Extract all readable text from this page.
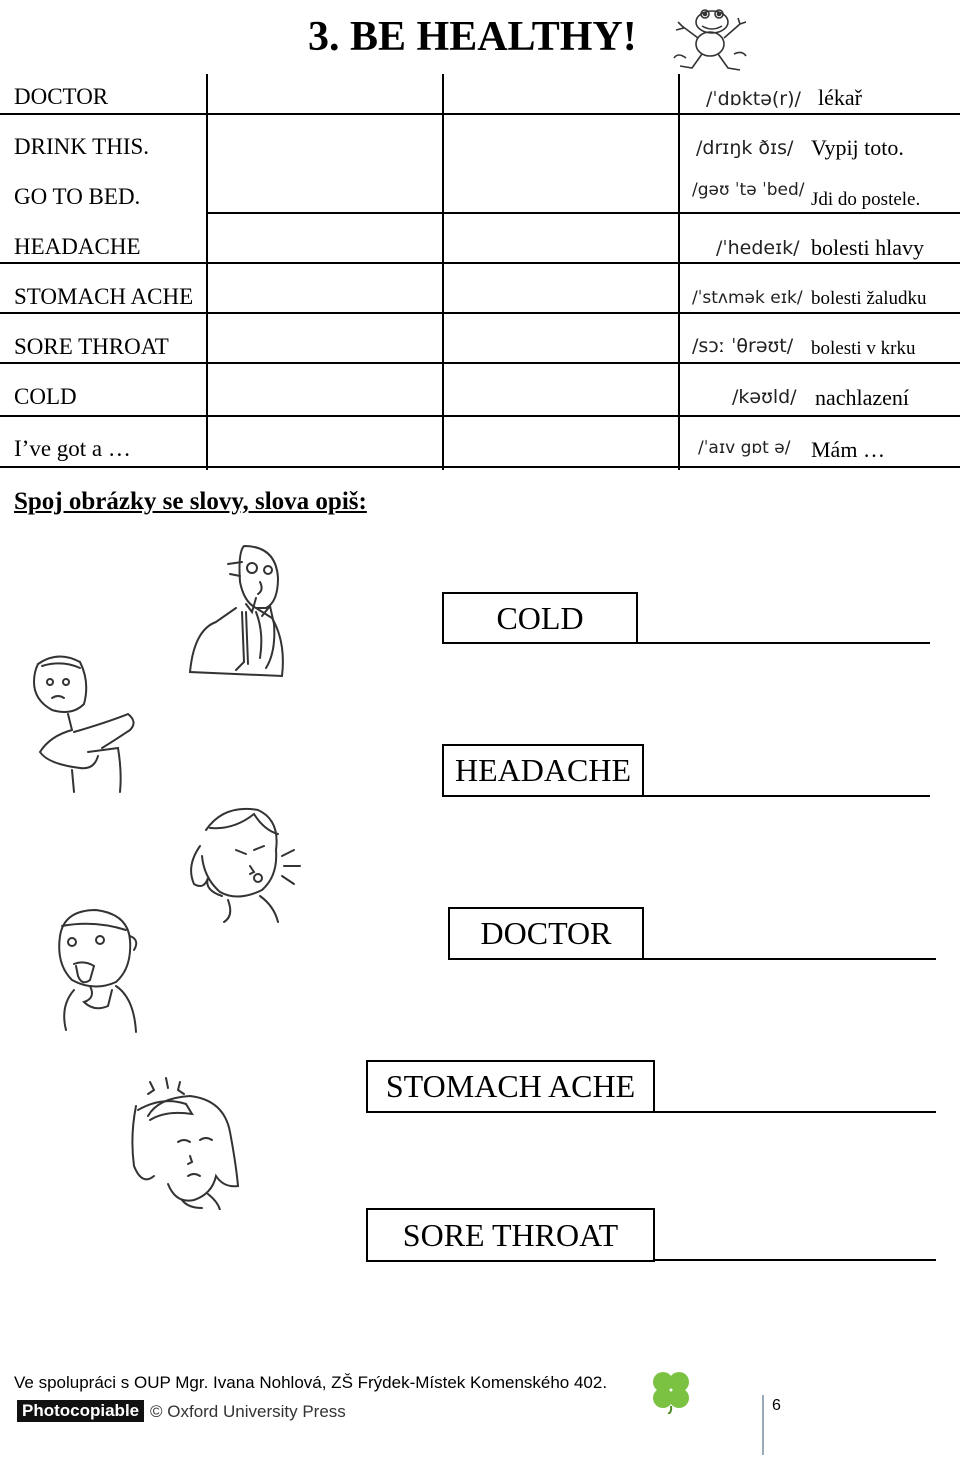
3. BE HEALTHY!
DOCTOR	/ˈdɒktə(r)/ lékař
DRINK THIS.	/drɪŋk ðɪs/ Vypij toto.
GO TO BED.	/gəʊ ˈtə ˈbed/ Jdi do postele.
HEADACHE	/ˈhedeɪk/ bolesti hlavy
STOMACH ACHE	/ˈstʌmək eɪk/ bolesti žaludku
SORE THROAT	/sɔː ˈθrəʊt/ bolesti v krku
COLD	/kəʊld/ nachlazení
I’ve got a …	/ˈaɪv gɒt ə/ Mám …
Spoj obrázky se slovy, slova opiš:
COLD
HEADACHE
DOCTOR
STOMACH ACHE
SORE THROAT
Ve spolupráci s OUP Mgr. Ivana Nohlová, ZŠ Frýdek-Místek Komenského 402.
Photocopiable © Oxford University Press	6
